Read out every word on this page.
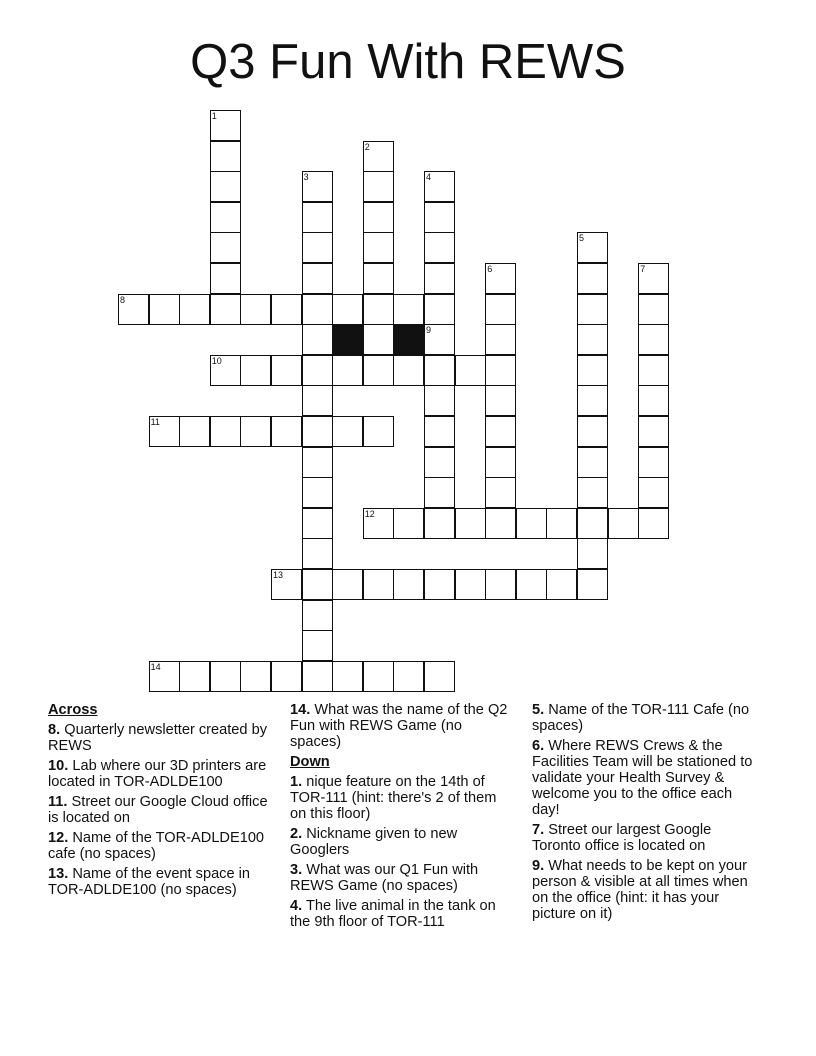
Q3 Fun With REWS
1
2
3	4
5
6	7
8
9
10
11
12
13
14
Across
8. Quarterly newsletter created by REWS
10. Lab where our 3D printers are located in TOR-ADLDE100
11. Street our Google Cloud office is located on
12. Name of the TOR-ADLDE100 cafe (no spaces)
13. Name of the event space in TOR-ADLDE100 (no spaces)
14. What was the name of the Q2 Fun with REWS Game (no spaces)
Down
1. nique feature on the 14th of TOR-111 (hint: there's 2 of them on this floor)
2. Nickname given to new Googlers
3. What was our Q1 Fun with REWS Game (no spaces)
4. The live animal in the tank on the 9th floor of TOR-111
5. Name of the TOR-111 Cafe (no spaces)
6. Where REWS Crews & the Facilities Team will be stationed to validate your Health Survey & welcome you to the office each day!
7. Street our largest Google Toronto office is located on
9. What needs to be kept on your person & visible at all times when on the office (hint: it has your picture on it)
